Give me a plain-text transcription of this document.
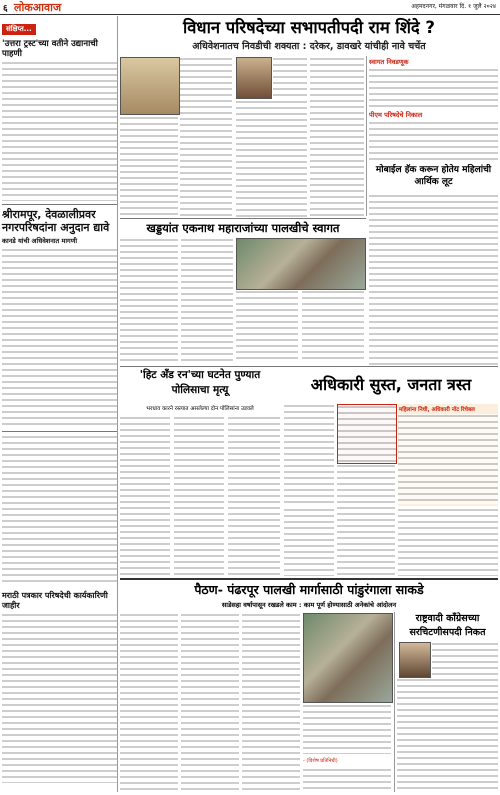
६ लोकआवाज	अहमदनगर, मंगळवार दि. १ जुलै २०२४
संक्षिप्त...
'उत्तरा ट्रस्ट'च्या वतीने उद्यानाची पाहणी
श्रीरामपूर, देवळालीप्रवर नगरपरिषदांना अनुदान द्यावे
कानडे यांची अधिवेशनात मागणी
मराठी पत्रकार परिषदेची कार्यकारिणी जाहीर
विधान परिषदेच्या सभापतीपदी राम शिंदे ?
अधिवेशनातच निवडीची शक्यता : दरेकर, डावखरे यांचीही नावे चर्चेत
स्वागत निवडणूक
पीएम परिषदेचे निकाल
मोबाईल हॅक करून होतेय महिलांची आर्थिक लूट
खड्डयांत एकनाथ महाराजांच्या पालखीचे स्वागत
'हिट अँड रन'च्या घटनेत पुण्यात पोलिसाचा मृत्यू
भरधाव कारने रस्त्यात असलेल्या दोन पोलिसांना उडवले
अधिकारी सुस्त, जनता त्रस्त
महिलांना निधी, अधिकारी नॉट रिचेबल
पैठण- पंढरपूर पालखी मार्गासाठी पांडुरंगाला साकडे
साडेसहा वर्षापासून रखडले काम : काम पूर्ण होण्यासाठी अनेकांचे आंदोलन
- (विशेष प्रतिनिधी)
राष्ट्रवादी काँग्रेसच्या सरचिटणीसपदी निकत
